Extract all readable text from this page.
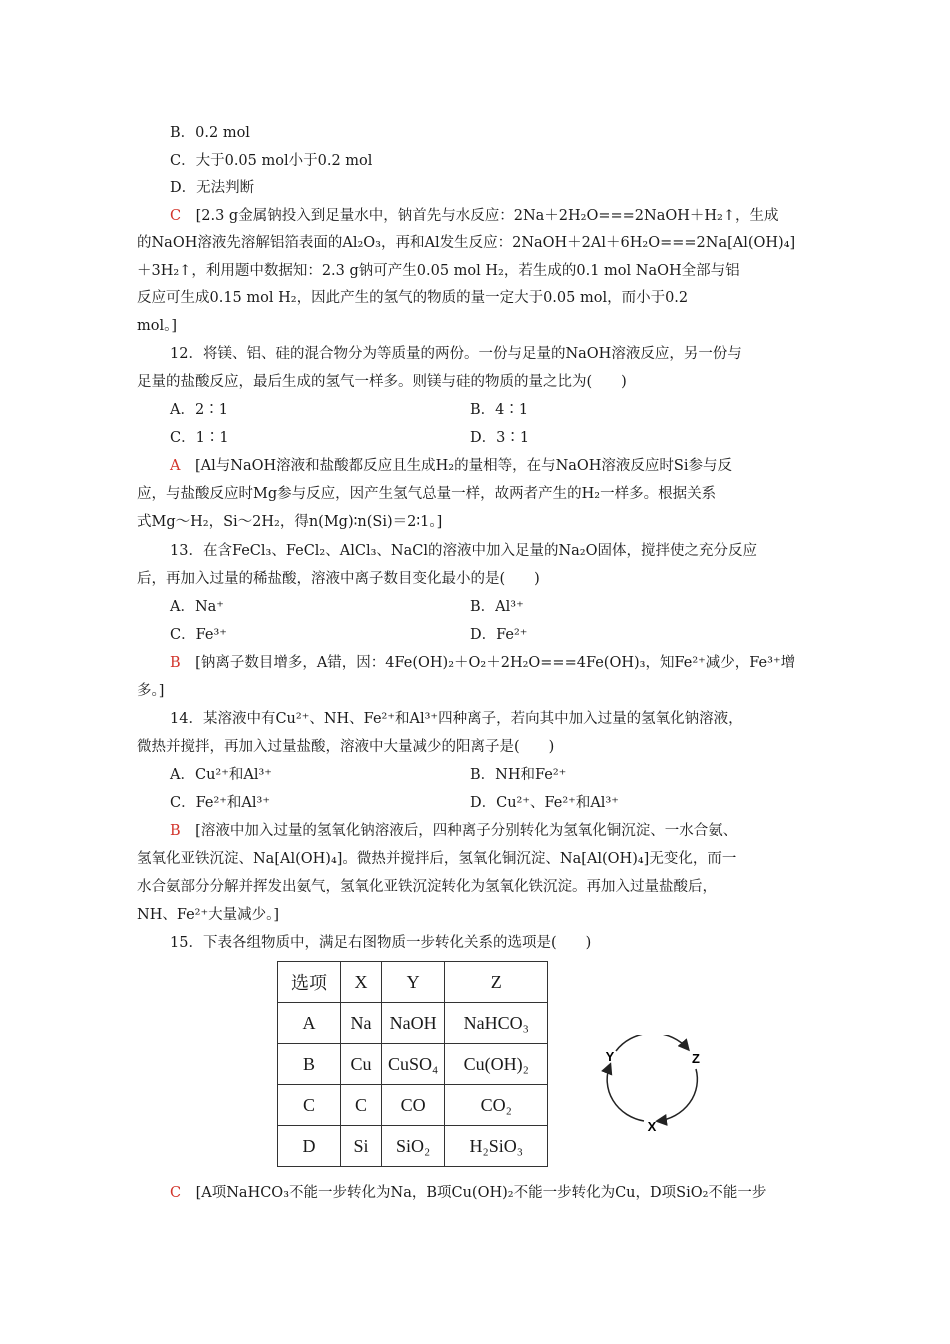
B．0.2 mol
C．大于0.05 mol小于0.2 mol
D．无法判断
C　 [2.3 g金属钠投入到足量水中，钠首先与水反应：2Na＋2H₂O===2NaOH＋H₂↑，生成
的NaOH溶液先溶解铝箔表面的Al₂O₃，再和Al发生反应：2NaOH＋2Al＋6H₂O===2Na[Al(OH)₄]
＋3H₂↑，利用题中数据知：2.3 g钠可产生0.05 mol H₂，若生成的0.1 mol NaOH全部与铝
反应可生成0.15 mol H₂，因此产生的氢气的物质的量一定大于0.05 mol，而小于0.2
mol。]
12．将镁、铝、硅的混合物分为等质量的两份。一份与足量的NaOH溶液反应，另一份与
足量的盐酸反应，最后生成的氢气一样多。则镁与硅的物质的量之比为(　　)
A．2∶1	B．4∶1
C．1∶1	D．3∶1
A　 [Al与NaOH溶液和盐酸都反应且生成H₂的量相等，在与NaOH溶液反应时Si参与反
应，与盐酸反应时Mg参与反应，因产生氢气总量一样，故两者产生的H₂一样多。根据关系
式Mg～H₂，Si～2H₂，得n(Mg)∶n(Si)＝2∶1。]
13．在含FeCl₃、FeCl₂、AlCl₃、NaCl的溶液中加入足量的Na₂O固体，搅拌使之充分反应
后，再加入过量的稀盐酸，溶液中离子数目变化最小的是(　　)
A．Na⁺	B．Al³⁺
C．Fe³⁺	D．Fe²⁺
B　 [钠离子数目增多，A错，因：4Fe(OH)₂＋O₂＋2H₂O===4Fe(OH)₃，知Fe²⁺减少，Fe³⁺增
多。]
14．某溶液中有Cu²⁺、NH、Fe²⁺和Al³⁺四种离子，若向其中加入过量的氢氧化钠溶液，
微热并搅拌，再加入过量盐酸，溶液中大量减少的阳离子是(　　)
A．Cu²⁺和Al³⁺	B．NH和Fe²⁺
C．Fe²⁺和Al³⁺	D．Cu²⁺、Fe²⁺和Al³⁺
B　 [溶液中加入过量的氢氧化钠溶液后，四种离子分别转化为氢氧化铜沉淀、一水合氨、
氢氧化亚铁沉淀、Na[Al(OH)₄]。微热并搅拌后，氢氧化铜沉淀、Na[Al(OH)₄]无变化，而一
水合氨部分分解并挥发出氨气，氢氧化亚铁沉淀转化为氢氧化铁沉淀。再加入过量盐酸后，
NH、Fe²⁺大量减少。]
15．下表各组物质中，满足右图物质一步转化关系的选项是(　　)
选项	X	Y	Z
A	Na	NaOH	NaHCO₃
B	Cu	CuSO₄	Cu(OH)₂
C	C	CO	CO₂
D	Si	SiO₂	H₂SiO₃
Y	Z
X
C　 [A项NaHCO₃不能一步转化为Na，B项Cu(OH)₂不能一步转化为Cu，D项SiO₂不能一步
